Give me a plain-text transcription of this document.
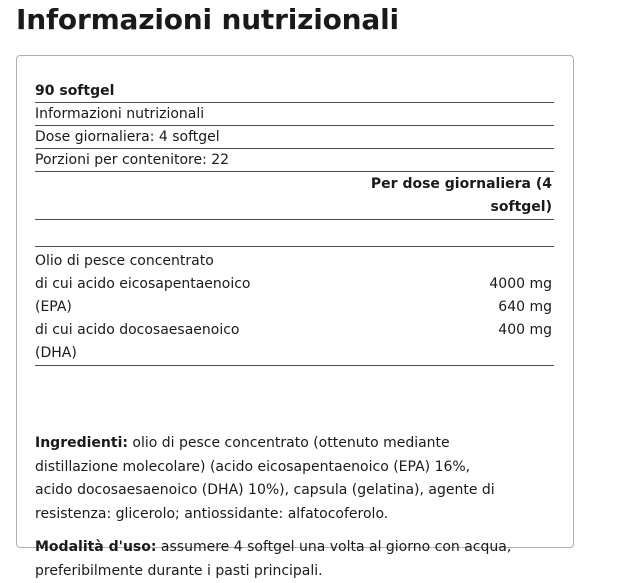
Informazioni nutrizionali
90 softgel
Informazioni nutrizionali
Dose giornaliera: 4 softgel
Porzioni per contenitore: 22
Per dose giornaliera (4
softgel)
Olio di pesce concentrato
di cui acido eicosapentaenoico	4000 mg
(EPA)	640 mg
di cui acido docosaesaenoico	400 mg
(DHA)
Ingredienti: olio di pesce concentrato (ottenuto mediante
distillazione molecolare) (acido eicosapentaenoico (EPA) 16%,
acido docosaesaenoico (DHA) 10%), capsula (gelatina), agente di
resistenza: glicerolo; antiossidante: alfatocoferolo.
Modalità d'uso: assumere 4 softgel una volta al giorno con acqua,
preferibilmente durante i pasti principali.
